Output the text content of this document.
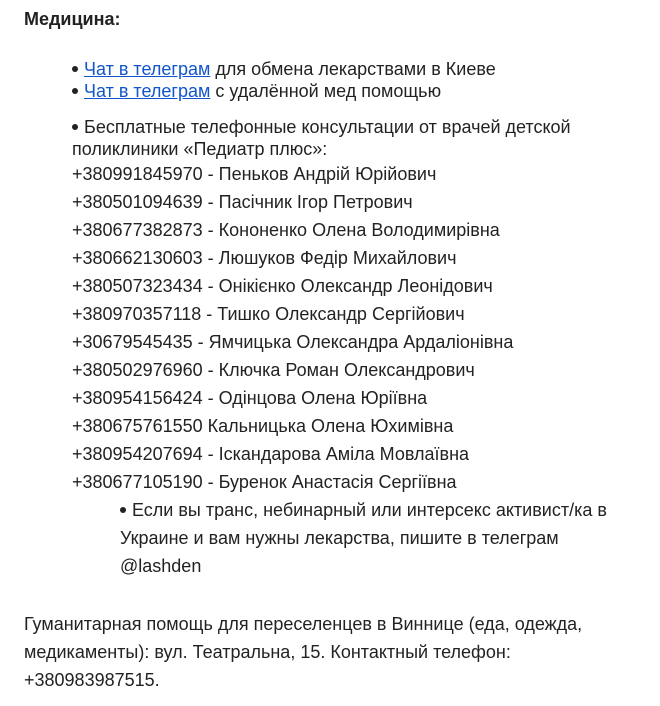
Медицина:

Чат в телеграм для обмена лекарствами в Киеве
Чат в телеграм с удалённой мед помощью

Бесплатные телефонные консультации от врачей детской поликлиники «Педиатр плюс»:

+380991845970 - Пеньков Андрій Юрійович
+380501094639 - Пасічник Ігор Петрович
+380677382873 - Кононенко Олена Володимирівна
+380662130603 - Люшуков Федір Михайлович
+380507323434 - Онікієнко Олександр Леонідович
+380970357118 - Тишко Олександр Сергійович
+30679545435 - Ямчицька Олександра Ардаліонівна
+380502976960 - Ключка Роман Олександрович
+380954156424 - Одінцова Олена Юріївна
+380675761550 Кальницька Олена Юхимівна
+380954207694 - Іскандарова Аміла Мовлаївна
+380677105190 - Буренок Анастасія Сергіївна

Если вы транс, небинарный или интерсекс активист/ка в Украине и вам нужны лекарства, пишите в телеграм @lashden

Гуманитарная помощь для переселенцев в Виннице (еда, одежда, медикаменты): вул. Театральна, 15. Контактный телефон: +380983987515.
